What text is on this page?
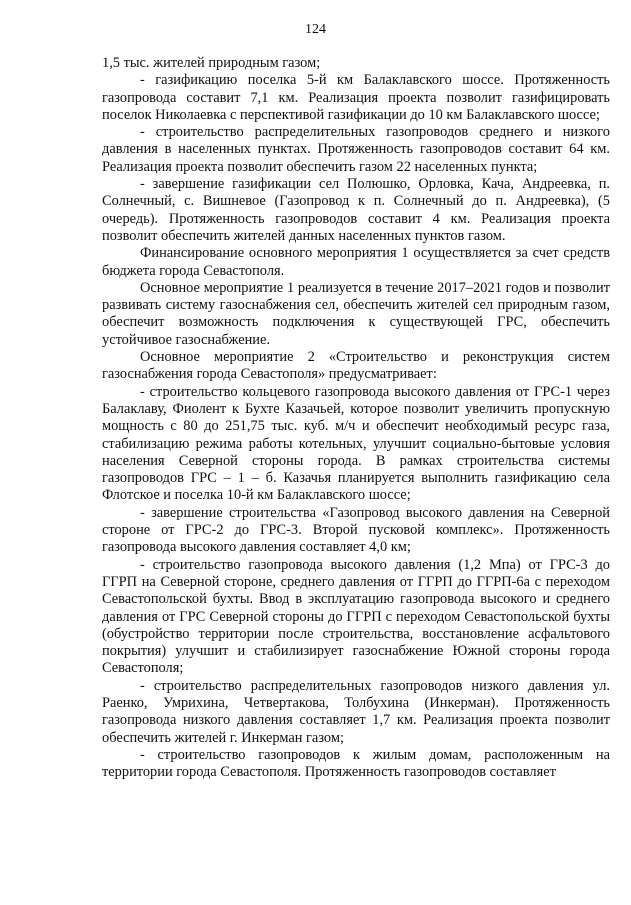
124

1,5 тыс. жителей природным газом;

- газификацию поселка 5-й км Балаклавского шоссе. Протяженность газопровода составит 7,1 км. Реализация проекта позволит газифицировать поселок Николаевка с перспективой газификации до 10 км Балаклавского шоссе;

- строительство распределительных газопроводов среднего и низкого давления в населенных пунктах. Протяженность газопроводов составит 64 км. Реализация проекта позволит обеспечить газом 22 населенных пункта;

- завершение газификации сел Полюшко, Орловка, Кача, Андреевка, п. Солнечный, с. Вишневое (Газопровод к п. Солнечный до п. Андреевка), (5 очередь). Протяженность газопроводов составит 4 км. Реализация проекта позволит обеспечить жителей данных населенных пунктов газом.

Финансирование основного мероприятия 1 осуществляется за счет средств бюджета города Севастополя.

Основное мероприятие 1 реализуется в течение 2017–2021 годов и позволит развивать систему газоснабжения сел, обеспечить жителей сел природным газом, обеспечит возможность подключения к существующей ГРС, обеспечить устойчивое газоснабжение.

Основное мероприятие 2 «Строительство и реконструкция систем газоснабжения города Севастополя» предусматривает:

- строительство кольцевого газопровода высокого давления от ГРС-1 через Балаклаву, Фиолент к Бухте Казачьей, которое позволит увеличить пропускную мощность с 80 до 251,75 тыс. куб. м/ч и обеспечит необходимый ресурс газа, стабилизацию режима работы котельных, улучшит социально-бытовые условия населения Северной стороны города. В рамках строительства системы газопроводов ГРС – 1 – б. Казачья планируется выполнить газификацию села Флотское и поселка 10-й км Балаклавского шоссе;

- завершение строительства «Газопровод высокого давления на Северной стороне от ГРС-2 до ГРС-3. Второй пусковой комплекс». Протяженность газопровода высокого давления составляет 4,0 км;

- строительство газопровода высокого давления (1,2 Мпа) от ГРС-3 до ГГРП на Северной стороне, среднего давления от ГГРП до ГГРП-6а с переходом Севастопольской бухты. Ввод в эксплуатацию газопровода высокого и среднего давления от ГРС Северной стороны до ГГРП с переходом Севастопольской бухты (обустройство территории после строительства, восстановление асфальтового покрытия) улучшит и стабилизирует газоснабжение Южной стороны города Севастополя;

- строительство распределительных газопроводов низкого давления ул. Раенко, Умрихина, Четвертакова, Толбухина (Инкерман). Протяженность газопровода низкого давления составляет 1,7 км. Реализация проекта позволит обеспечить жителей г. Инкерман газом;

- строительство газопроводов к жилым домам, расположенным на территории города Севастополя. Протяженность газопроводов составляет
